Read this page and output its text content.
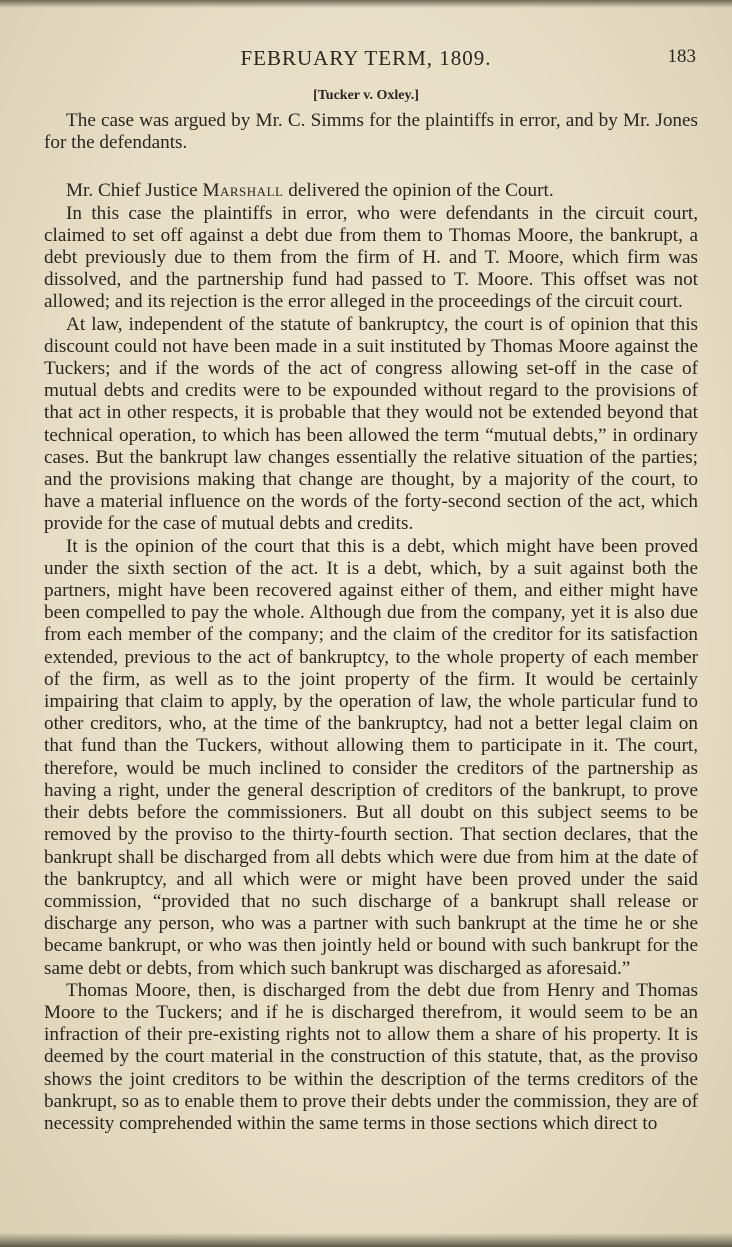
FEBRUARY TERM, 1809.	183
[Tucker v. Oxley.]

The case was argued by Mr. C. Simms for the plaintiffs in error, and by Mr. Jones for the defendants.

Mr. Chief Justice Marshall delivered the opinion of the Court.

In this case the plaintiffs in error, who were defendants in the circuit court, claimed to set off against a debt due from them to Thomas Moore, the bankrupt, a debt previously due to them from the firm of H. and T. Moore, which firm was dissolved, and the partnership fund had passed to T. Moore. This offset was not allowed; and its rejection is the error alleged in the proceedings of the circuit court.

At law, independent of the statute of bankruptcy, the court is of opinion that this discount could not have been made in a suit instituted by Thomas Moore against the Tuckers; and if the words of the act of congress allowing set-off in the case of mutual debts and credits were to be expounded without regard to the provisions of that act in other respects, it is probable that they would not be extended beyond that technical operation, to which has been allowed the term “mutual debts,” in ordinary cases. But the bankrupt law changes essentially the relative situation of the parties; and the provisions making that change are thought, by a majority of the court, to have a material influence on the words of the forty-second section of the act, which provide for the case of mutual debts and credits.

It is the opinion of the court that this is a debt, which might have been proved under the sixth section of the act. It is a debt, which, by a suit against both the partners, might have been recovered against either of them, and either might have been compelled to pay the whole. Although due from the company, yet it is also due from each member of the company; and the claim of the creditor for its satisfaction extended, previous to the act of bankruptcy, to the whole property of each member of the firm, as well as to the joint property of the firm. It would be certainly impairing that claim to apply, by the operation of law, the whole particular fund to other creditors, who, at the time of the bankruptcy, had not a better legal claim on that fund than the Tuckers, without allowing them to participate in it. The court, therefore, would be much inclined to consider the creditors of the partnership as having a right, under the general description of creditors of the bankrupt, to prove their debts before the commissioners. But all doubt on this subject seems to be removed by the proviso to the thirty-fourth section. That section declares, that the bankrupt shall be discharged from all debts which were due from him at the date of the bankruptcy, and all which were or might have been proved under the said commission, “provided that no such discharge of a bankrupt shall release or discharge any person, who was a partner with such bankrupt at the time he or she became bankrupt, or who was then jointly held or bound with such bankrupt for the same debt or debts, from which such bankrupt was discharged as aforesaid.”

Thomas Moore, then, is discharged from the debt due from Henry and Thomas Moore to the Tuckers; and if he is discharged therefrom, it would seem to be an infraction of their pre-existing rights not to allow them a share of his property. It is deemed by the court material in the construction of this statute, that, as the proviso shows the joint creditors to be within the description of the terms creditors of the bankrupt, so as to enable them to prove their debts under the commission, they are of necessity comprehended within the same terms in those sections which direct to
